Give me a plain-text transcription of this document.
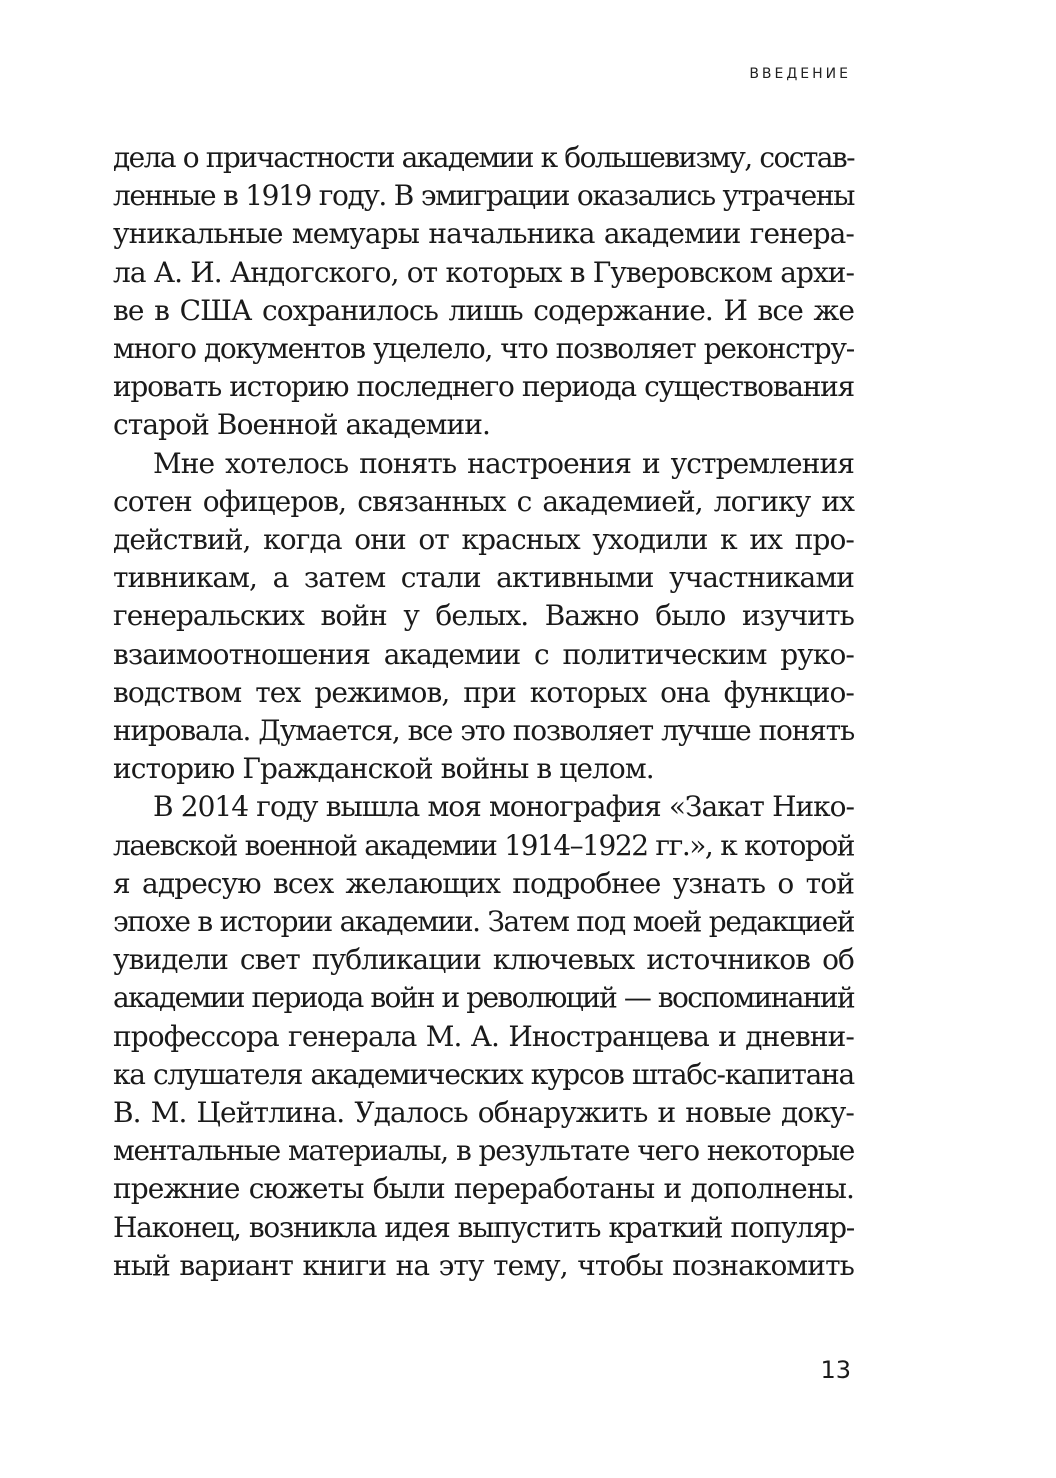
ВВЕДЕНИЕ
дела о причастности академии к большевизму, состав-
ленные в 1919 году. В эмиграции оказались утрачены
уникальные мемуары начальника академии генера-
ла А. И. Андогского, от которых в Гуверовском архи-
ве в США сохранилось лишь содержание. И все же
много документов уцелело, что позволяет реконстру-
ировать историю последнего периода существования
старой Военной академии.
Мне хотелось понять настроения и устремления
сотен офицеров, связанных с академией, логику их
действий, когда они от красных уходили к их про-
тивникам, а затем стали активными участниками
генеральских войн у белых. Важно было изучить
взаимоотношения академии с политическим руко-
водством тех режимов, при которых она функцио-
нировала. Думается, все это позволяет лучше понять
историю Гражданской войны в целом.
В 2014 году вышла моя монография «Закат Нико-
лаевской военной академии 1914–1922 гг.», к которой
я адресую всех желающих подробнее узнать о той
эпохе в истории академии. Затем под моей редакцией
увидели свет публикации ключевых источников об
академии периода войн и революций — воспоминаний
профессора генерала М. А. Иностранцева и дневни-
ка слушателя академических курсов штабс-капитана
В. М. Цейтлина. Удалось обнаружить и новые доку-
ментальные материалы, в результате чего некоторые
прежние сюжеты были переработаны и дополнены.
Наконец, возникла идея выпустить краткий популяр-
ный вариант книги на эту тему, чтобы познакомить
13
